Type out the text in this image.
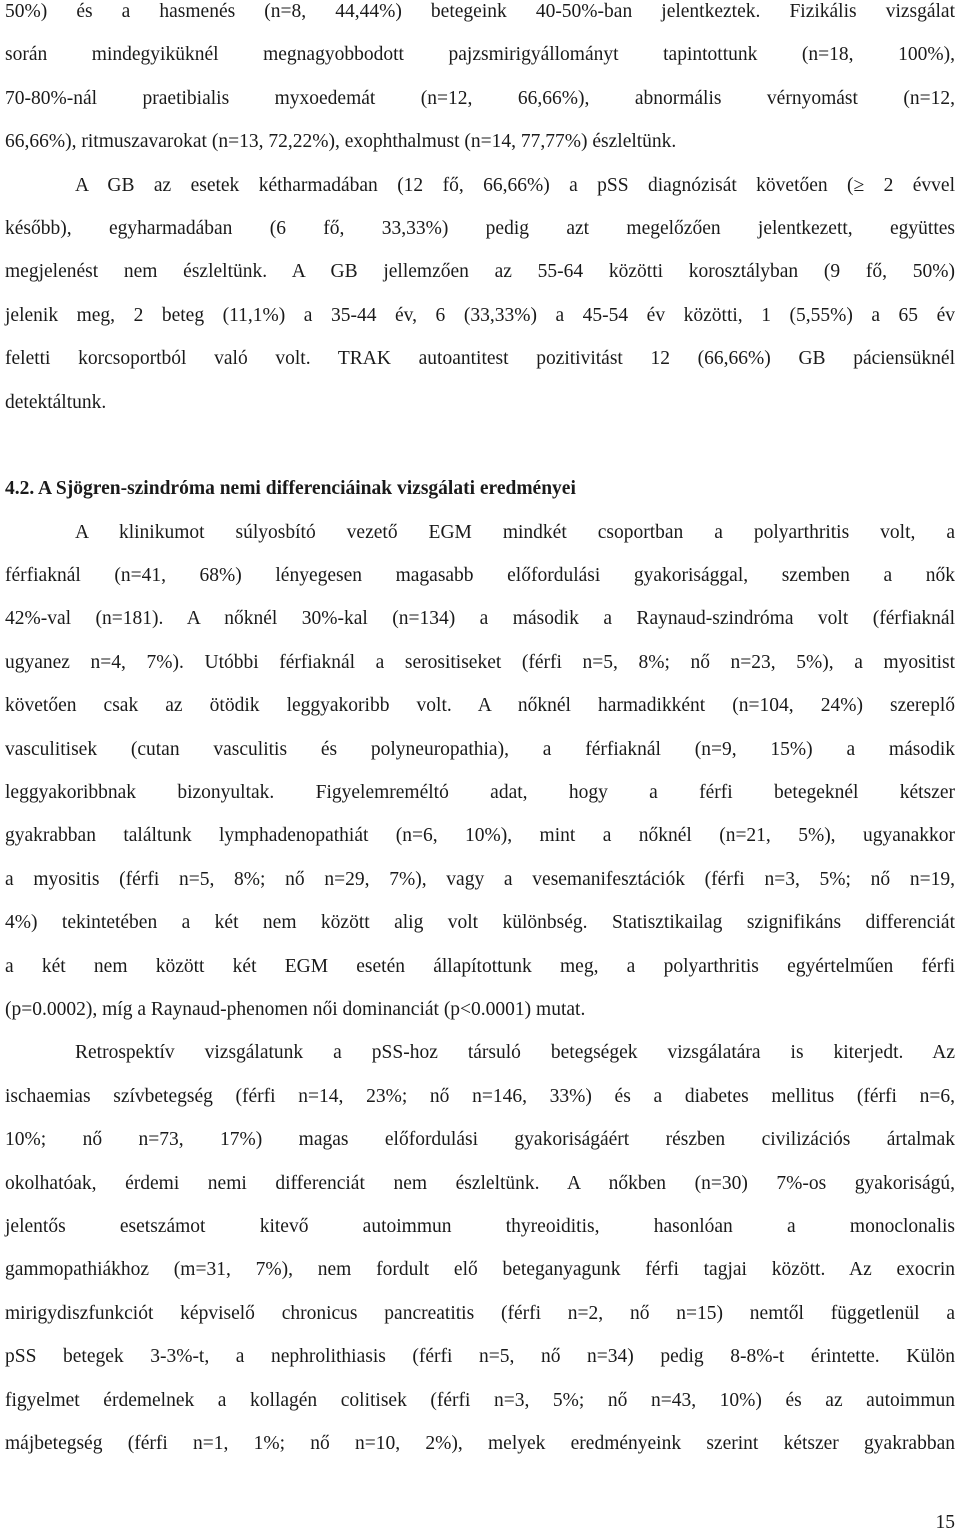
50%) és a hasmenés (n=8, 44,44%) betegeink 40-50%-ban jelentkeztek. Fizikális vizsgálat
során mindegyiküknél megnagyobbodott pajzsmirigyállományt tapintottunk (n=18, 100%),
70-80%-nál praetibialis myxoedemát (n=12, 66,66%), abnormális vérnyomást (n=12,
66,66%), ritmuszavarokat (n=13, 72,22%), exophthalmust (n=14, 77,77%) észleltünk.
A GB az esetek kétharmadában (12 fő, 66,66%) a pSS diagnózisát követően (≥ 2 évvel
később), egyharmadában (6 fő, 33,33%) pedig azt megelőzően jelentkezett, együttes
megjelenést nem észleltünk. A GB jellemzően az 55-64 közötti korosztályban (9 fő, 50%)
jelenik meg, 2 beteg (11,1%) a 35-44 év, 6 (33,33%) a 45-54 év közötti, 1 (5,55%) a 65 év
feletti korcsoportból való volt. TRAK autoantitest pozitivitást 12 (66,66%) GB páciensüknél
detektáltunk.
4.2. A Sjögren-szindróma nemi differenciáinak vizsgálati eredményei
A klinikumot súlyosbító vezető EGM mindkét csoportban a polyarthritis volt, a
férfiaknál (n=41, 68%) lényegesen magasabb előfordulási gyakorisággal, szemben a nők
42%-val (n=181). A nőknél 30%-kal (n=134) a második a Raynaud-szindróma volt (férfiaknál
ugyanez n=4, 7%). Utóbbi férfiaknál a serositiseket (férfi n=5, 8%; nő n=23, 5%), a myositist
követően csak az ötödik leggyakoribb volt. A nőknél harmadikként (n=104, 24%) szereplő
vasculitisek (cutan vasculitis és polyneuropathia), a férfiaknál (n=9, 15%) a második
leggyakoribbnak bizonyultak. Figyelemreméltó adat, hogy a férfi betegeknél kétszer
gyakrabban találtunk lymphadenopathiát (n=6, 10%), mint a nőknél (n=21, 5%), ugyanakkor
a myositis (férfi n=5, 8%; nő n=29, 7%), vagy a vesemanifesztációk (férfi n=3, 5%; nő n=19,
4%) tekintetében a két nem között alig volt különbség. Statisztikailag szignifikáns differenciát
a két nem között két EGM esetén állapítottunk meg, a polyarthritis egyértelműen férfi
(p=0.0002), míg a Raynaud-phenomen női dominanciát (p<0.0001) mutat.
Retrospektív vizsgálatunk a pSS-hoz társuló betegségek vizsgálatára is kiterjedt. Az
ischaemias szívbetegség (férfi n=14, 23%; nő n=146, 33%) és a diabetes mellitus (férfi n=6,
10%; nő n=73, 17%) magas előfordulási gyakoriságáért részben civilizációs ártalmak
okolhatóak, érdemi nemi differenciát nem észleltünk. A nőkben (n=30) 7%-os gyakoriságú,
jelentős esetszámot kitevő autoimmun thyreoiditis, hasonlóan a monoclonalis
gammopathiákhoz (m=31, 7%), nem fordult elő beteganyagunk férfi tagjai között. Az exocrin
mirigydiszfunkciót képviselő chronicus pancreatitis (férfi n=2, nő n=15) nemtől függetlenül a
pSS betegek 3-3%-t, a nephrolithiasis (férfi n=5, nő n=34) pedig 8-8%-t érintette. Külön
figyelmet érdemelnek a kollagén colitisek (férfi n=3, 5%; nő n=43, 10%) és az autoimmun
májbetegség (férfi n=1, 1%; nő n=10, 2%), melyek eredményeink szerint kétszer gyakrabban
15
